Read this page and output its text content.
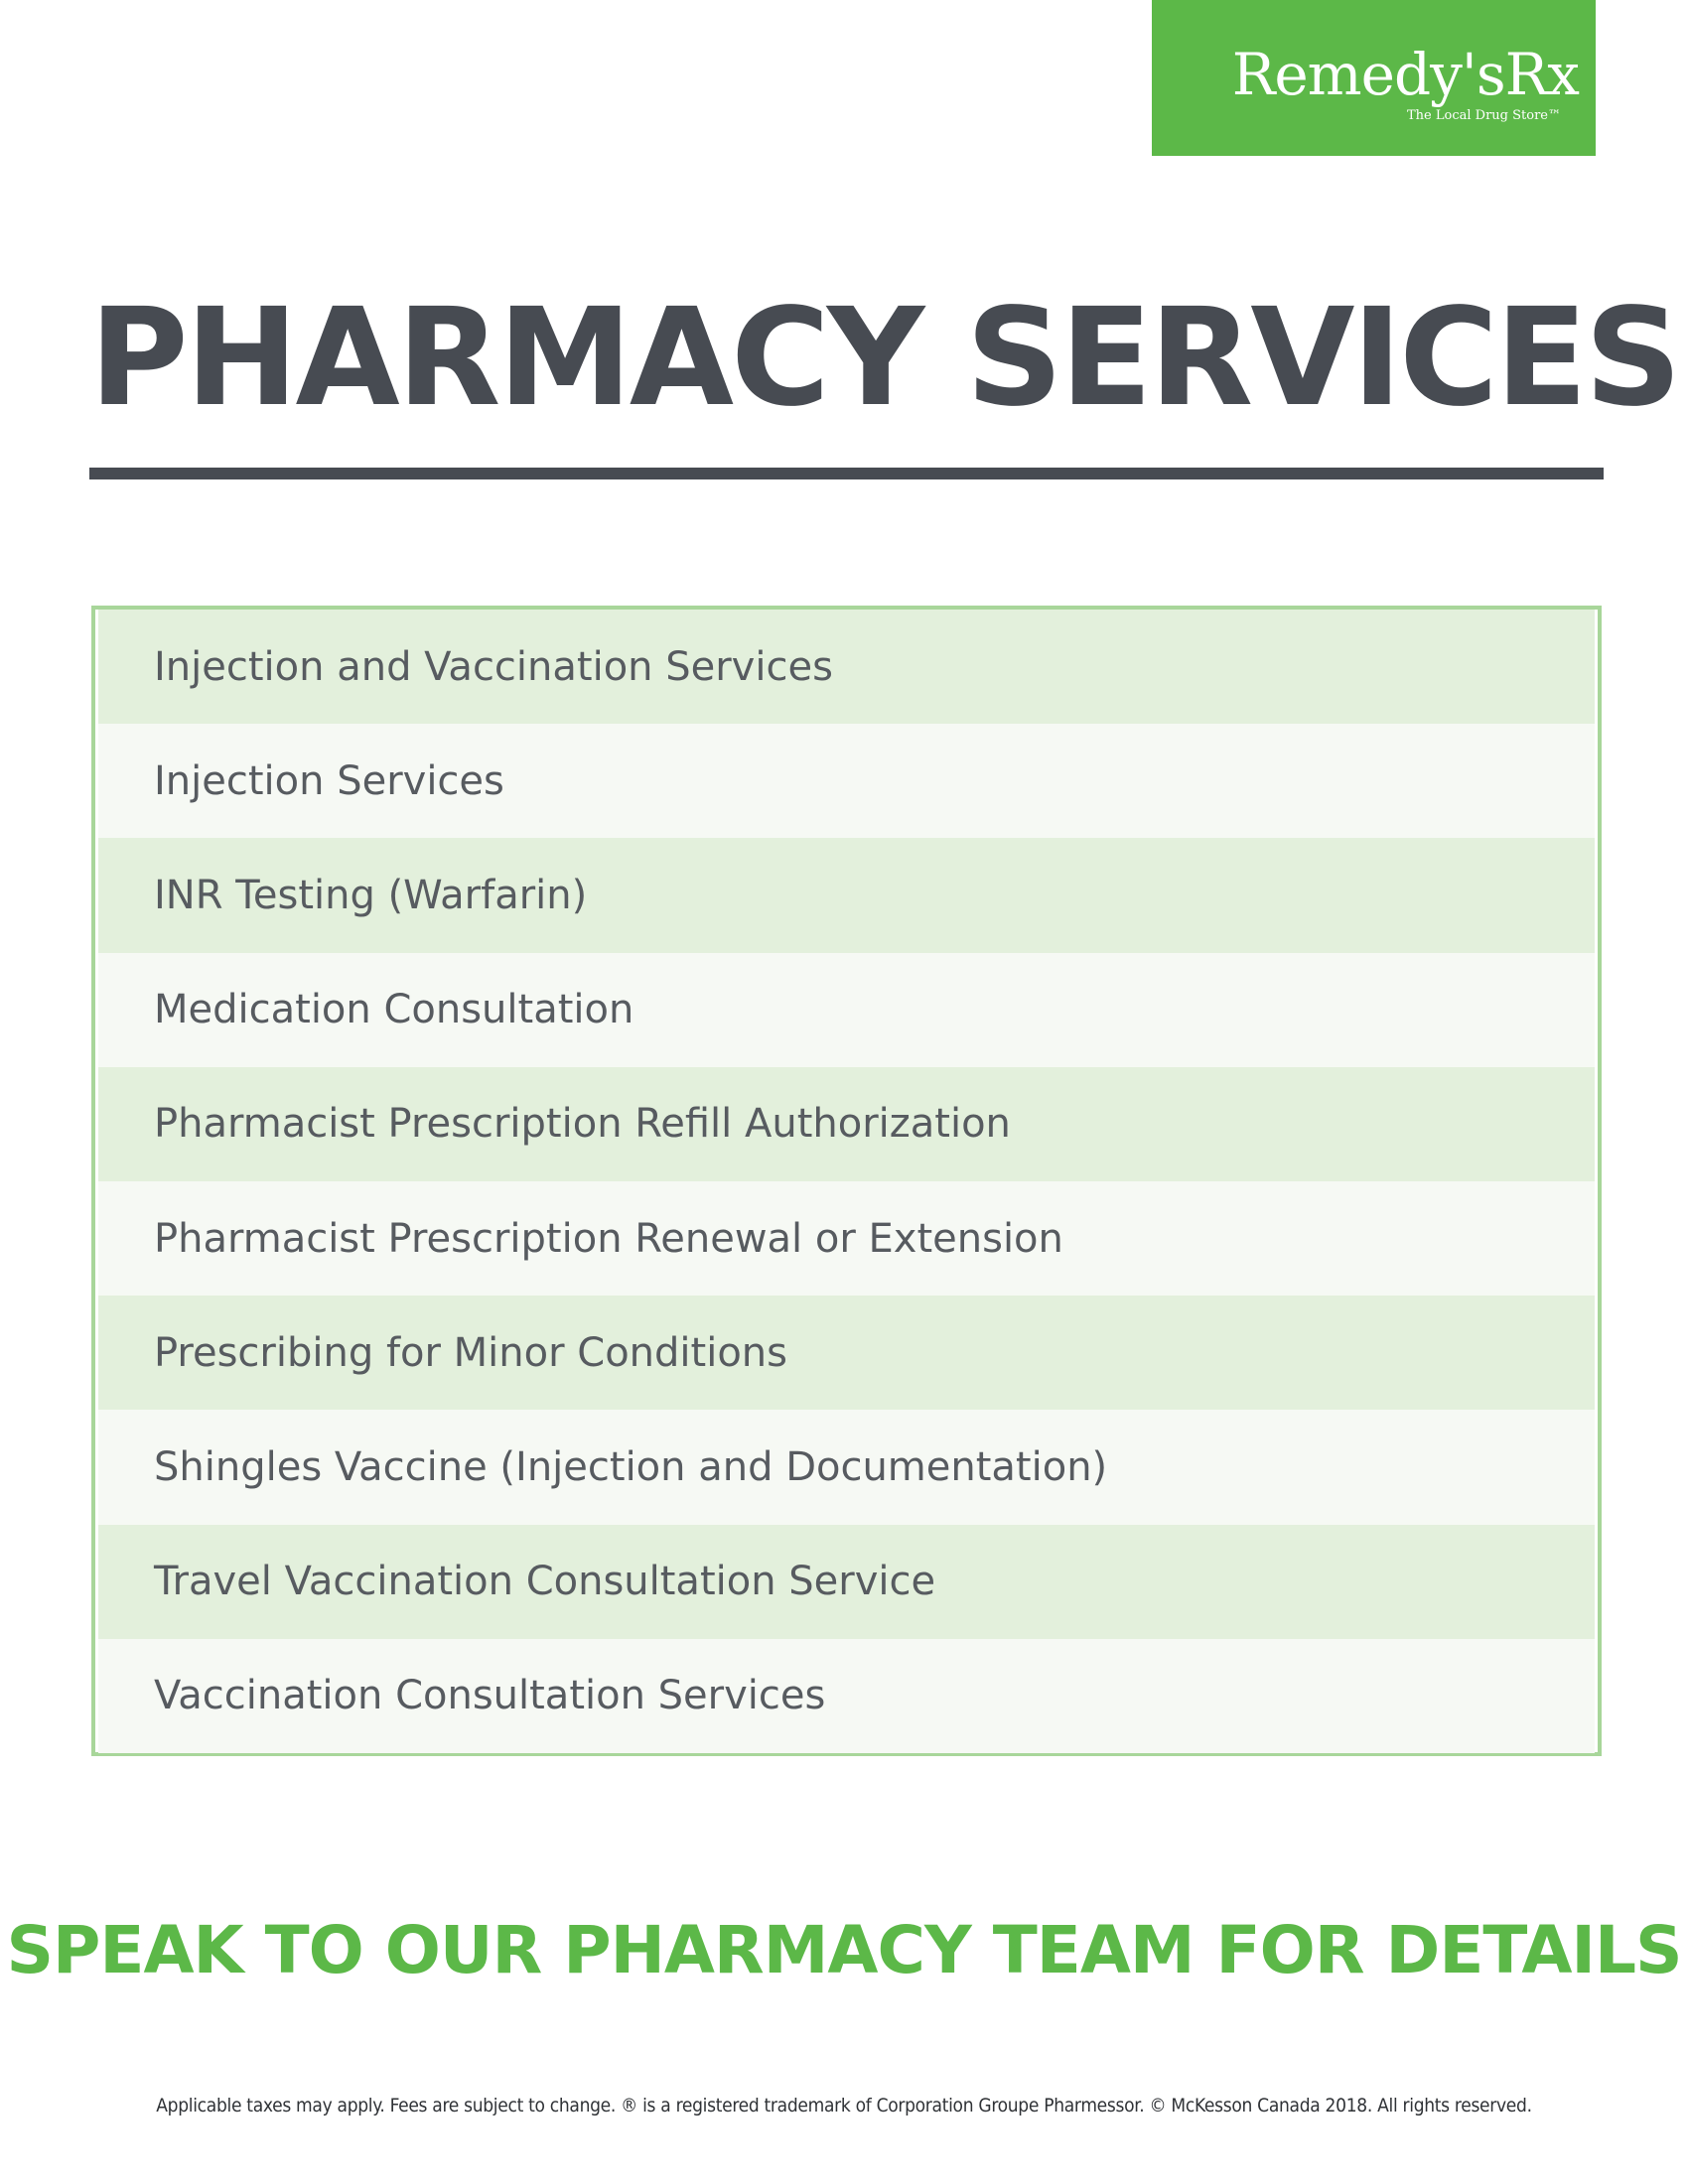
Remedy'sRx
The Local Drug Store™
PHARMACY SERVICES
Injection and Vaccination Services
Injection Services
INR Testing (Warfarin)
Medication Consultation
Pharmacist Prescription Refill Authorization
Pharmacist Prescription Renewal or Extension
Prescribing for Minor Conditions
Shingles Vaccine (Injection and Documentation)
Travel Vaccination Consultation Service
Vaccination Consultation Services
SPEAK TO OUR PHARMACY TEAM FOR DETAILS
Applicable taxes may apply. Fees are subject to change. ® is a registered trademark of Corporation Groupe Pharmessor. © McKesson Canada 2018. All rights reserved.
